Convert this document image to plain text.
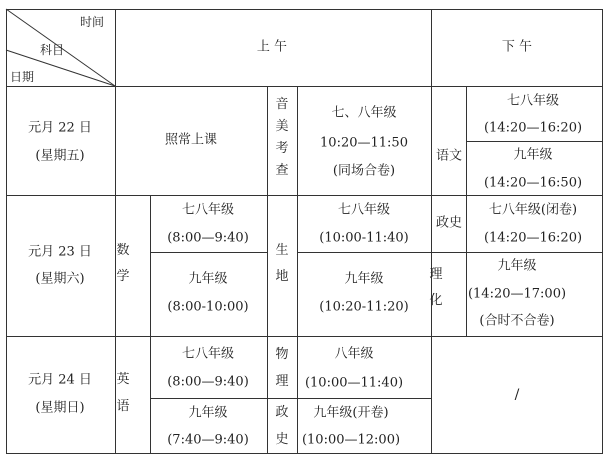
时间
科目
日期
上 午	下 午
元月 22 日
(星期五)
照常上课
音
美
考
查
七、八年级
10:20—11:50
(同场合卷)
语文
七八年级
(14:20—16:20)
九年级
(14:20—16:50)
元月 23 日
(星期六)
数
学
七八年级
(8:00—9:40)
九年级
(8:00-10:00)
生
地
七八年级
(10:00-11:40)
九年级
(10:20-11:20)
政史
七八年级(闭卷)
(14:20—16:20)
理
化
九年级
(14:20—17:00)
(合时不合卷)
元月 24 日
(星期日)
英
语
七八年级
(8:00—9:40)
九年级
(7:40—9:40)
物
理
八年级
(10:00—11:40)
政
史
九年级(开卷)
(10:00—12:00)
/
